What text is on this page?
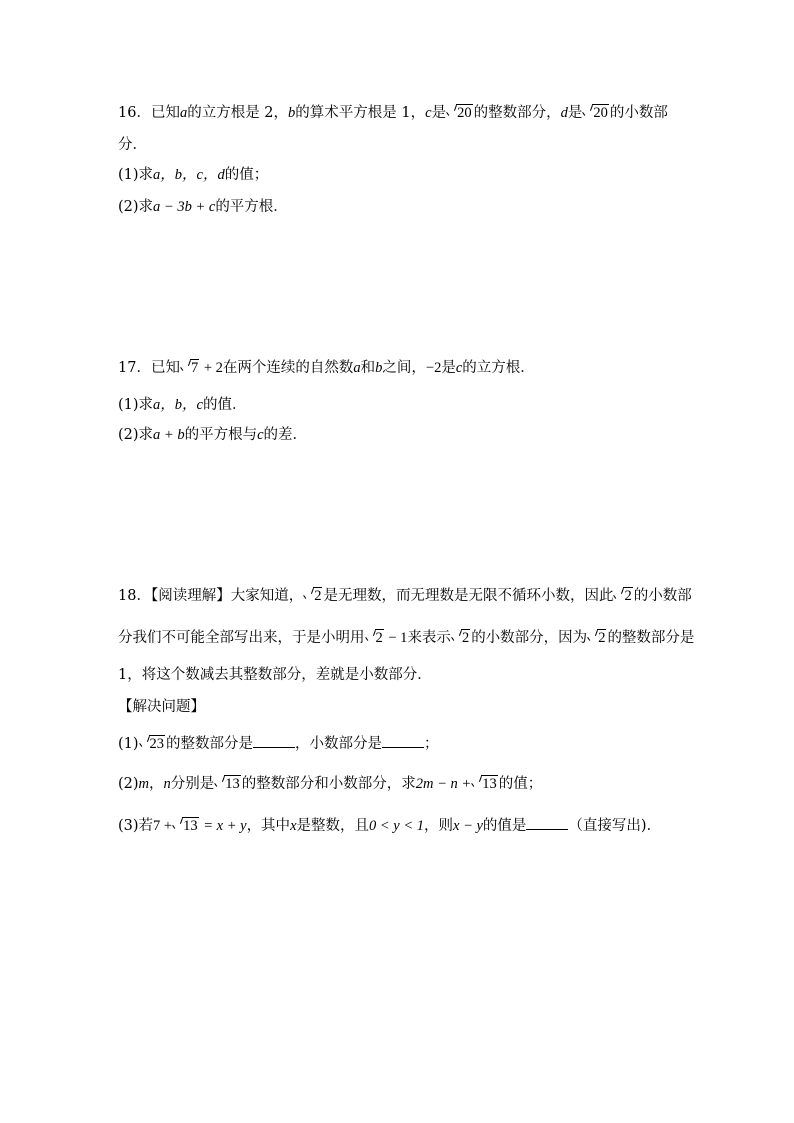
16．已知a的立方根是 2，b的算术平方根是 1，c是 20 的整数部分，d是 20 的小数部
分．
(1)求a，b，c，d的值；
(2)求a − 3b + c的平方根．
17．已知 7 + 2在两个连续的自然数a和b之间，−2是c的立方根．
(1)求a，b，c的值．
(2)求a + b的平方根与c的差．
18．【阅读理解】大家知道， 2 是无理数，而无理数是无限不循环小数，因此 2 的小数部
分我们不可能全部写出来，于是小明用 2 − 1来表示 2 的小数部分，因为 2 的整数部分是
1，将这个数减去其整数部分，差就是小数部分．
【解决问题】
(1) 23 的整数部分是	，小数部分是	；
(2)m，n分别是 13 的整数部分和小数部分，求2m − n + 13 的值；
(3)若7 + 13 = x + y，其中x是整数，且0 < y < 1，则x − y的值是	（直接写出)．
